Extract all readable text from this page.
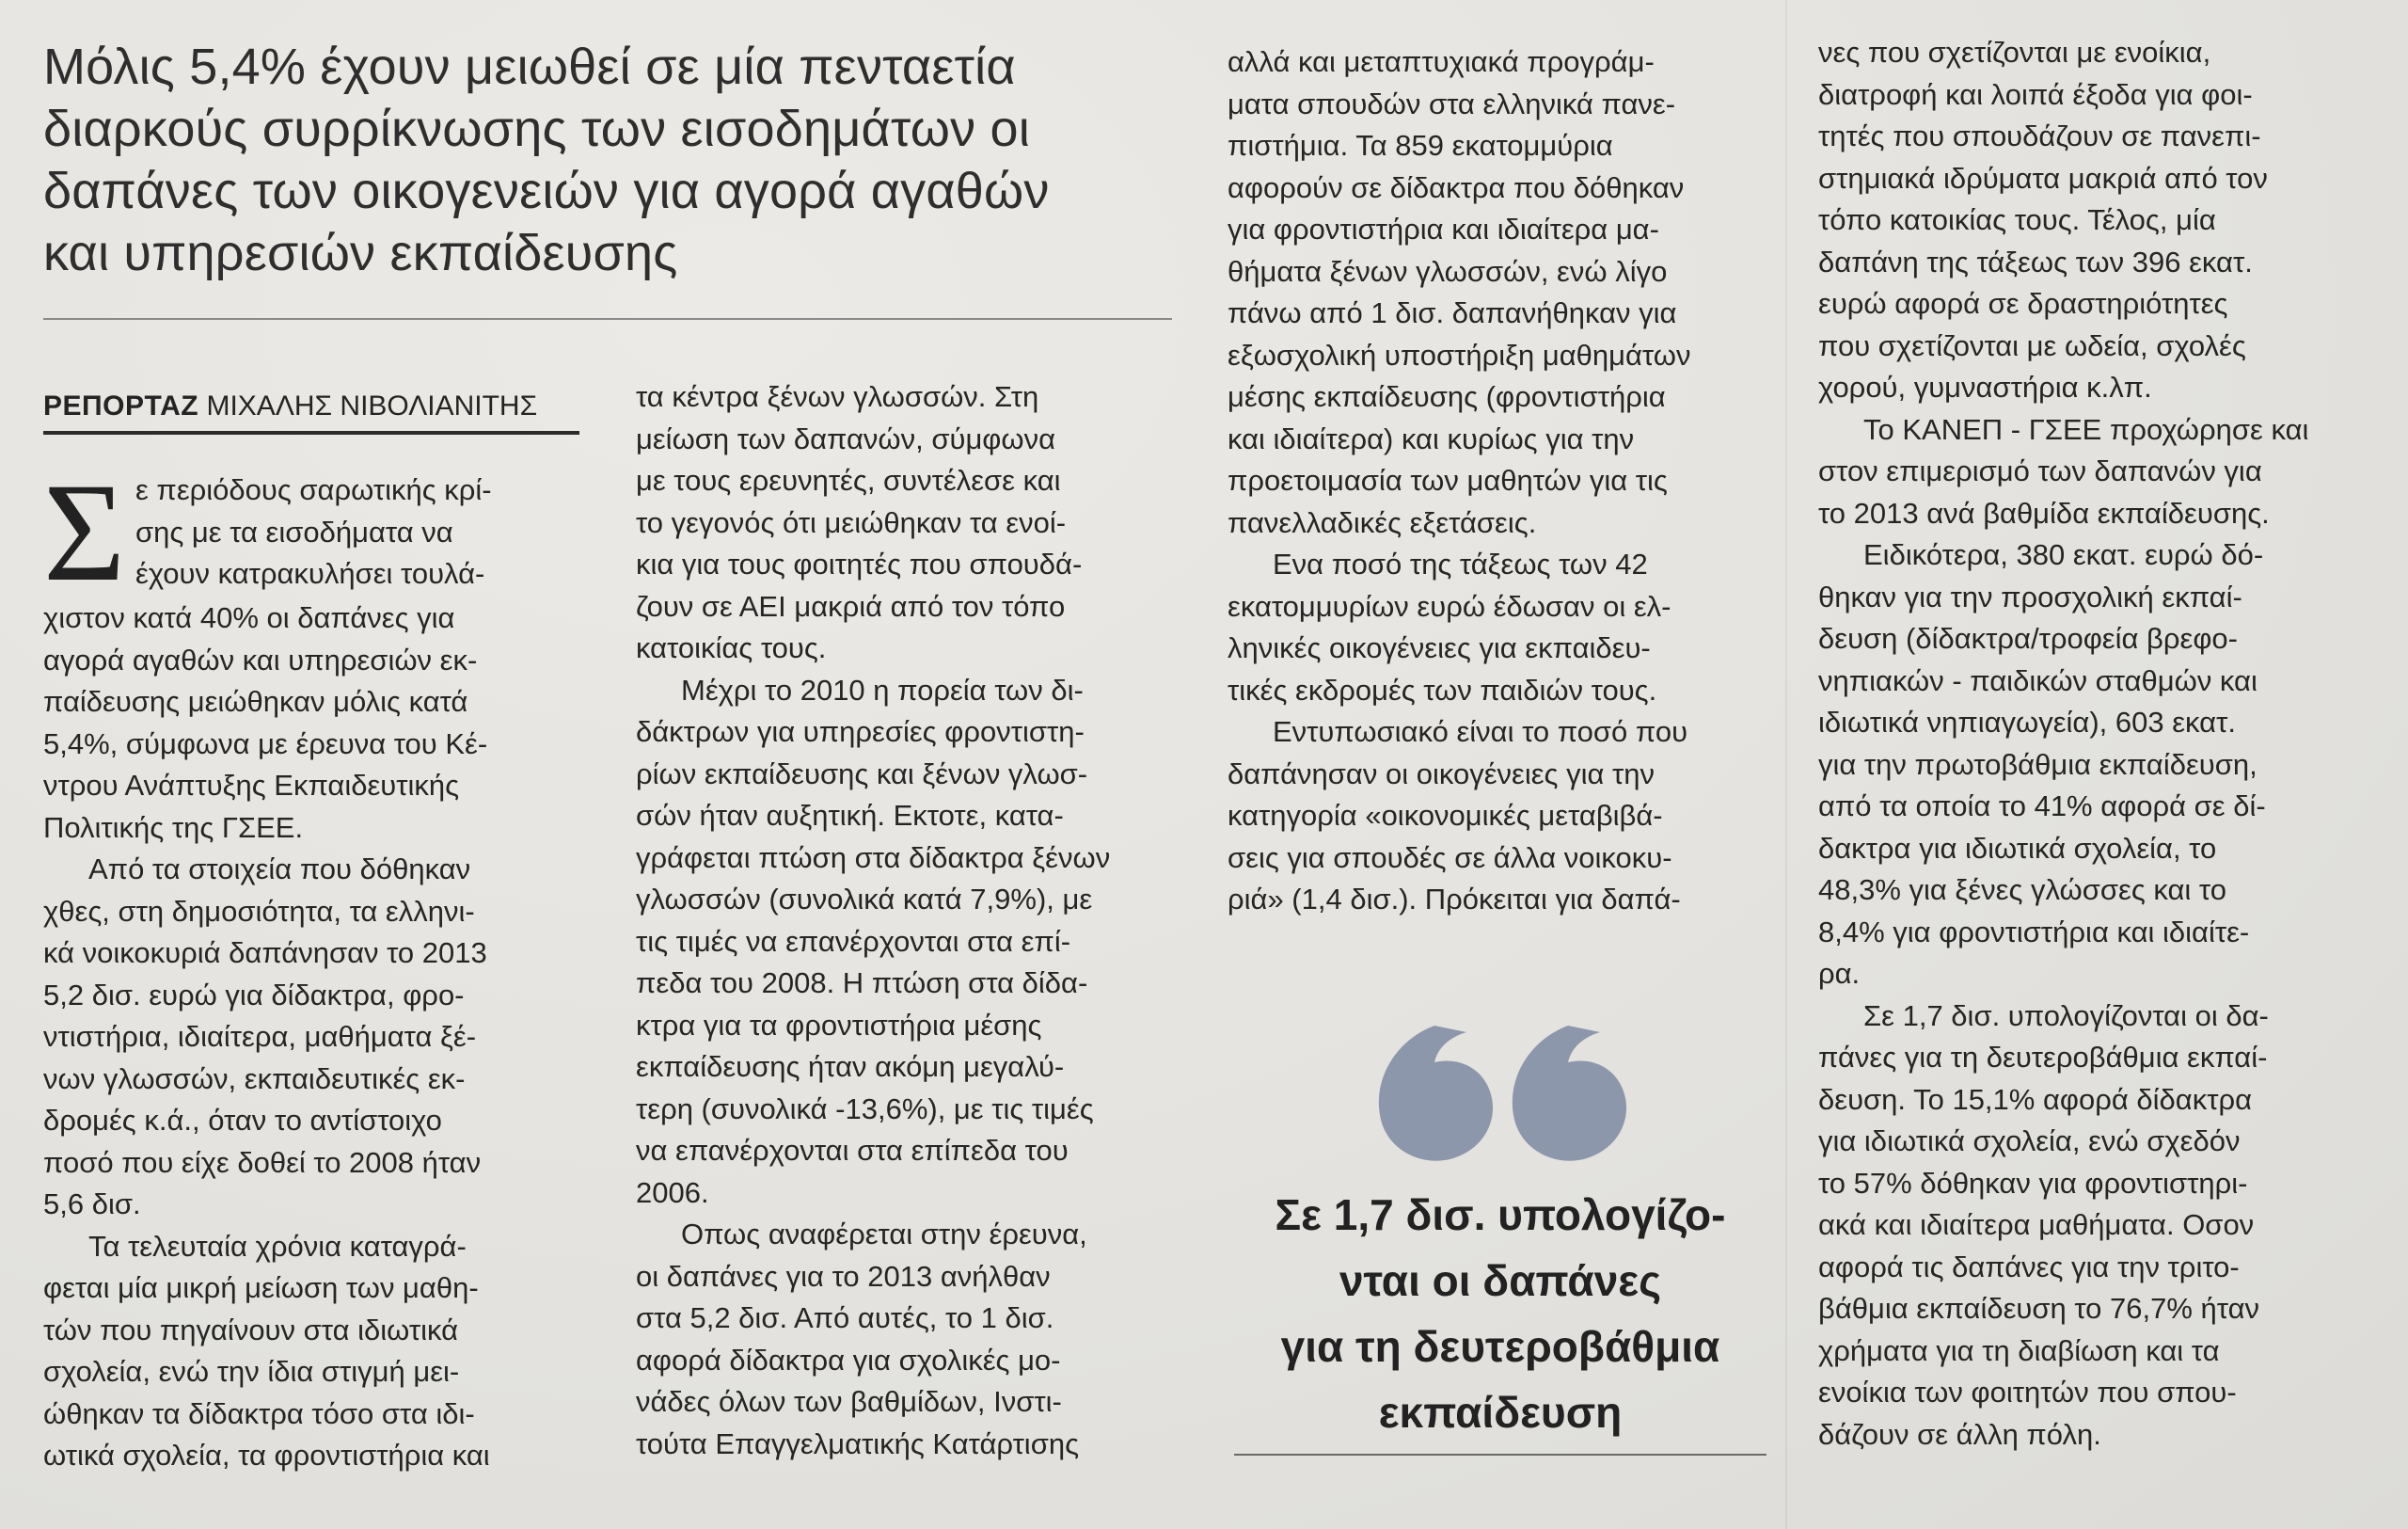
Μόλις 5,4% έχουν μειωθεί σε μία πενταετία
διαρκούς συρρίκνωσης των εισοδημάτων οι
δαπάνες των οικογενειών για αγορά αγαθών
και υπηρεσιών εκπαίδευσης
ΡΕΠΟΡΤΑΖ ΜΙΧΑΛΗΣ ΝΙΒΟΛΙΑΝΙΤΗΣ
Σ ε περιόδους σαρωτικής κρί-
σης με τα εισοδήματα να
έχουν κατρακυλήσει τουλά-
χιστον κατά 40% οι δαπάνες για
αγορά αγαθών και υπηρεσιών εκ-
παίδευσης μειώθηκαν μόλις κατά
5,4%, σύμφωνα με έρευνα του Κέ-
ντρου Ανάπτυξης Εκπαιδευτικής
Πολιτικής της ΓΣΕΕ.
Από τα στοιχεία που δόθηκαν
χθες, στη δημοσιότητα, τα ελληνι-
κά νοικοκυριά δαπάνησαν το 2013
5,2 δισ. ευρώ για δίδακτρα, φρο-
ντιστήρια, ιδιαίτερα, μαθήματα ξέ-
νων γλωσσών, εκπαιδευτικές εκ-
δρομές κ.ά., όταν το αντίστοιχο
ποσό που είχε δοθεί το 2008 ήταν
5,6 δισ.
Τα τελευταία χρόνια καταγρά-
φεται μία μικρή μείωση των μαθη-
τών που πηγαίνουν στα ιδιωτικά
σχολεία, ενώ την ίδια στιγμή μει-
ώθηκαν τα δίδακτρα τόσο στα ιδι-
ωτικά σχολεία, τα φροντιστήρια και
τα κέντρα ξένων γλωσσών. Στη
μείωση των δαπανών, σύμφωνα
με τους ερευνητές, συντέλεσε και
το γεγονός ότι μειώθηκαν τα ενοί-
κια για τους φοιτητές που σπουδά-
ζουν σε ΑΕΙ μακριά από τον τόπο
κατοικίας τους.
Μέχρι το 2010 η πορεία των δι-
δάκτρων για υπηρεσίες φροντιστη-
ρίων εκπαίδευσης και ξένων γλωσ-
σών ήταν αυξητική. Εκτοτε, κατα-
γράφεται πτώση στα δίδακτρα ξένων
γλωσσών (συνολικά κατά 7,9%), με
τις τιμές να επανέρχονται στα επί-
πεδα του 2008. Η πτώση στα δίδα-
κτρα για τα φροντιστήρια μέσης
εκπαίδευσης ήταν ακόμη μεγαλύ-
τερη (συνολικά -13,6%), με τις τιμές
να επανέρχονται στα επίπεδα του
2006.
Οπως αναφέρεται στην έρευνα,
οι δαπάνες για το 2013 ανήλθαν
στα 5,2 δισ. Από αυτές, το 1 δισ.
αφορά δίδακτρα για σχολικές μο-
νάδες όλων των βαθμίδων, Ινστι-
τούτα Επαγγελματικής Κατάρτισης
αλλά και μεταπτυχιακά προγράμ-
ματα σπουδών στα ελληνικά πανε-
πιστήμια. Τα 859 εκατομμύρια
αφορούν σε δίδακτρα που δόθηκαν
για φροντιστήρια και ιδιαίτερα μα-
θήματα ξένων γλωσσών, ενώ λίγο
πάνω από 1 δισ. δαπανήθηκαν για
εξωσχολική υποστήριξη μαθημάτων
μέσης εκπαίδευσης (φροντιστήρια
και ιδιαίτερα) και κυρίως για την
προετοιμασία των μαθητών για τις
πανελλαδικές εξετάσεις.
Ενα ποσό της τάξεως των 42
εκατομμυρίων ευρώ έδωσαν οι ελ-
ληνικές οικογένειες για εκπαιδευ-
τικές εκδρομές των παιδιών τους.
Εντυπωσιακό είναι το ποσό που
δαπάνησαν οι οικογένειες για την
κατηγορία «οικονομικές μεταβιβά-
σεις για σπουδές σε άλλα νοικοκυ-
ριά» (1,4 δισ.). Πρόκειται για δαπά-
Σε 1,7 δισ. υπολογίζο-
νται οι δαπάνες
για τη δευτεροβάθμια
εκπαίδευση
νες που σχετίζονται με ενοίκια,
διατροφή και λοιπά έξοδα για φοι-
τητές που σπουδάζουν σε πανεπι-
στημιακά ιδρύματα μακριά από τον
τόπο κατοικίας τους. Τέλος, μία
δαπάνη της τάξεως των 396 εκατ.
ευρώ αφορά σε δραστηριότητες
που σχετίζονται με ωδεία, σχολές
χορού, γυμναστήρια κ.λπ.
Το ΚΑΝΕΠ - ΓΣΕΕ προχώρησε και
στον επιμερισμό των δαπανών για
το 2013 ανά βαθμίδα εκπαίδευσης.
Ειδικότερα, 380 εκατ. ευρώ δό-
θηκαν για την προσχολική εκπαί-
δευση (δίδακτρα/τροφεία βρεφο-
νηπιακών - παιδικών σταθμών και
ιδιωτικά νηπιαγωγεία), 603 εκατ.
για την πρωτοβάθμια εκπαίδευση,
από τα οποία το 41% αφορά σε δί-
δακτρα για ιδιωτικά σχολεία, το
48,3% για ξένες γλώσσες και το
8,4% για φροντιστήρια και ιδιαίτε-
ρα.
Σε 1,7 δισ. υπολογίζονται οι δα-
πάνες για τη δευτεροβάθμια εκπαί-
δευση. Το 15,1% αφορά δίδακτρα
για ιδιωτικά σχολεία, ενώ σχεδόν
το 57% δόθηκαν για φροντιστηρι-
ακά και ιδιαίτερα μαθήματα. Οσον
αφορά τις δαπάνες για την τριτο-
βάθμια εκπαίδευση το 76,7% ήταν
χρήματα για τη διαβίωση και τα
ενοίκια των φοιτητών που σπου-
δάζουν σε άλλη πόλη.
